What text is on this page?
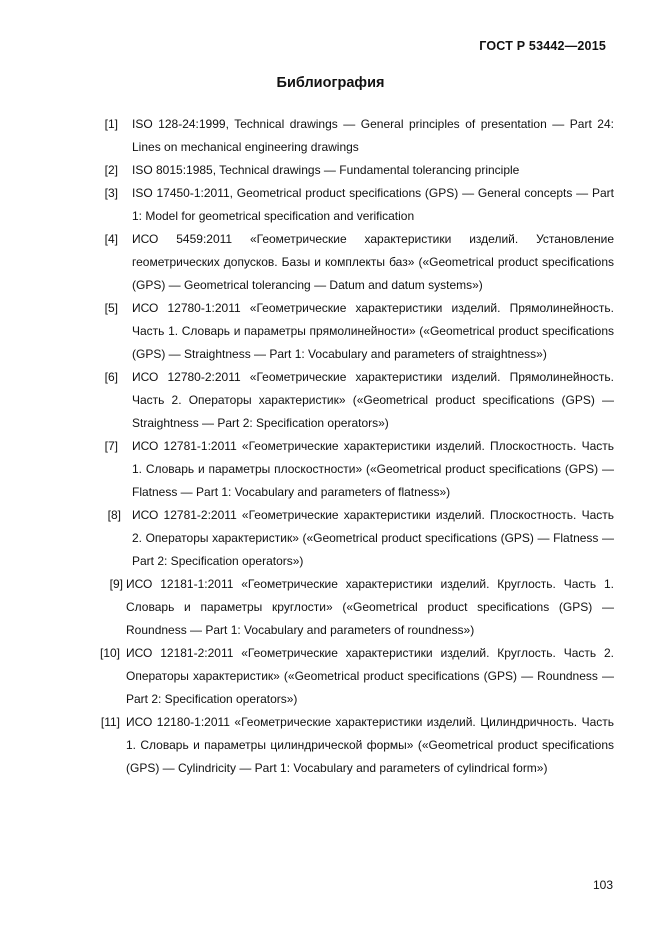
ГОСТ Р 53442—2015
Библиография
[1] ISO 128-24:1999, Technical drawings — General principles of presentation — Part 24: Lines on mechanical engineering drawings
[2] ISO 8015:1985, Technical drawings — Fundamental tolerancing principle
[3] ISO 17450-1:2011, Geometrical product specifications (GPS) — General concepts — Part 1: Model for geometrical specification and verification
[4] ИСО 5459:2011 «Геометрические характеристики изделий. Установление геометрических допусков. Базы и комплекты баз» («Geometrical product specifications (GPS) — Geometrical tolerancing — Datum and datum systems»)
[5] ИСО 12780-1:2011 «Геометрические характеристики изделий. Прямолинейность. Часть 1. Словарь и параметры прямолинейности» («Geometrical product specifications (GPS) — Straightness — Part 1: Vocabulary and parameters of straightness»)
[6] ИСО 12780-2:2011 «Геометрические характеристики изделий. Прямолинейность. Часть 2. Операторы характеристик» («Geometrical product specifications (GPS) — Straightness — Part 2: Specification operators»)
[7] ИСО 12781-1:2011 «Геометрические характеристики изделий. Плоскостность. Часть 1. Словарь и параметры плоскостности» («Geometrical product specifications (GPS) — Flatness — Part 1: Vocabulary and parameters of flatness»)
[8] ИСО 12781-2:2011 «Геометрические характеристики изделий. Плоскостность. Часть 2. Операторы характеристик» («Geometrical product specifications (GPS) — Flatness — Part 2: Specification operators»)
[9] ИСО 12181-1:2011 «Геометрические характеристики изделий. Круглость. Часть 1. Словарь и параметры круглости» («Geometrical product specifications (GPS) — Roundness — Part 1: Vocabulary and parameters of roundness»)
[10] ИСО 12181-2:2011 «Геометрические характеристики изделий. Круглость. Часть 2. Операторы характеристик» («Geometrical product specifications (GPS) — Roundness — Part 2: Specification operators»)
[11] ИСО 12180-1:2011 «Геометрические характеристики изделий. Цилиндричность. Часть 1. Словарь и параметры цилиндрической формы» («Geometrical product specifications (GPS) — Cylindricity — Part 1: Vocabulary and parameters of cylindrical form»)
103
